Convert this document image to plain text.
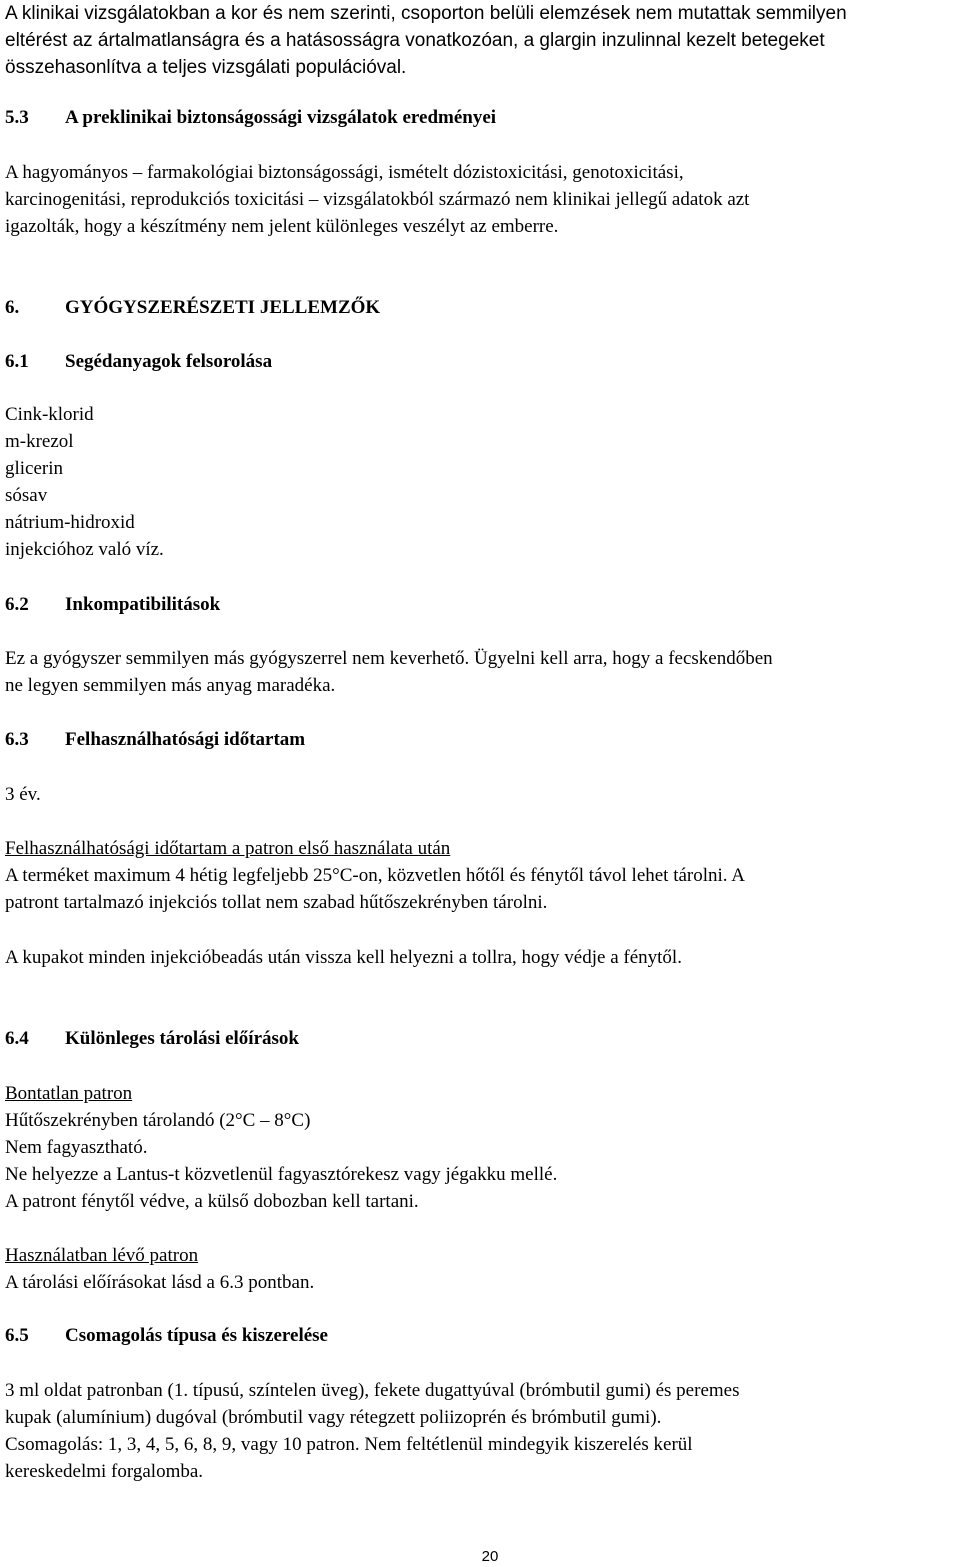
A klinikai vizsgálatokban a kor és nem szerinti, csoporton belüli elemzések nem mutattak semmilyen
eltérést az ártalmatlanságra és a hatásosságra vonatkozóan, a glargin inzulinnal kezelt betegeket
összehasonlítva a teljes vizsgálati populációval.
5.3 A preklinikai biztonságossági vizsgálatok eredményei
A hagyományos – farmakológiai biztonságossági, ismételt dózistoxicitási, genotoxicitási,
karcinogenitási, reprodukciós toxicitási – vizsgálatokból származó nem klinikai jellegű adatok azt
igazolták, hogy a készítmény nem jelent különleges veszélyt az emberre.
6. GYÓGYSZERÉSZETI JELLEMZŐK
6.1 Segédanyagok felsorolása
Cink-klorid
m-krezol
glicerin
sósav
nátrium-hidroxid
injekcióhoz való víz.
6.2 Inkompatibilitások
Ez a gyógyszer semmilyen más gyógyszerrel nem keverhető. Ügyelni kell arra, hogy a fecskendőben
ne legyen semmilyen más anyag maradéka.
6.3 Felhasználhatósági időtartam
3 év.
Felhasználhatósági időtartam a patron első használata után
A terméket maximum 4 hétig legfeljebb 25°C-on, közvetlen hőtől és fénytől távol lehet tárolni. A
patront tartalmazó injekciós tollat nem szabad hűtőszekrényben tárolni.
A kupakot minden injekcióbeadás után vissza kell helyezni a tollra, hogy védje a fénytől.
6.4 Különleges tárolási előírások
Bontatlan patron
Hűtőszekrényben tárolandó (2°C – 8°C)
Nem fagyasztható.
Ne helyezze a Lantus-t közvetlenül fagyasztórekesz vagy jégakku mellé.
A patront fénytől védve, a külső dobozban kell tartani.
Használatban lévő patron
A tárolási előírásokat lásd a 6.3 pontban.
6.5 Csomagolás típusa és kiszerelése
3 ml oldat patronban (1. típusú, színtelen üveg), fekete dugattyúval (brómbutil gumi) és peremes
kupak (alumínium) dugóval (brómbutil vagy rétegzett poliizoprén és brómbutil gumi).
Csomagolás: 1, 3, 4, 5, 6, 8, 9, vagy 10 patron. Nem feltétlenül mindegyik kiszerelés kerül
kereskedelmi forgalomba.
20
